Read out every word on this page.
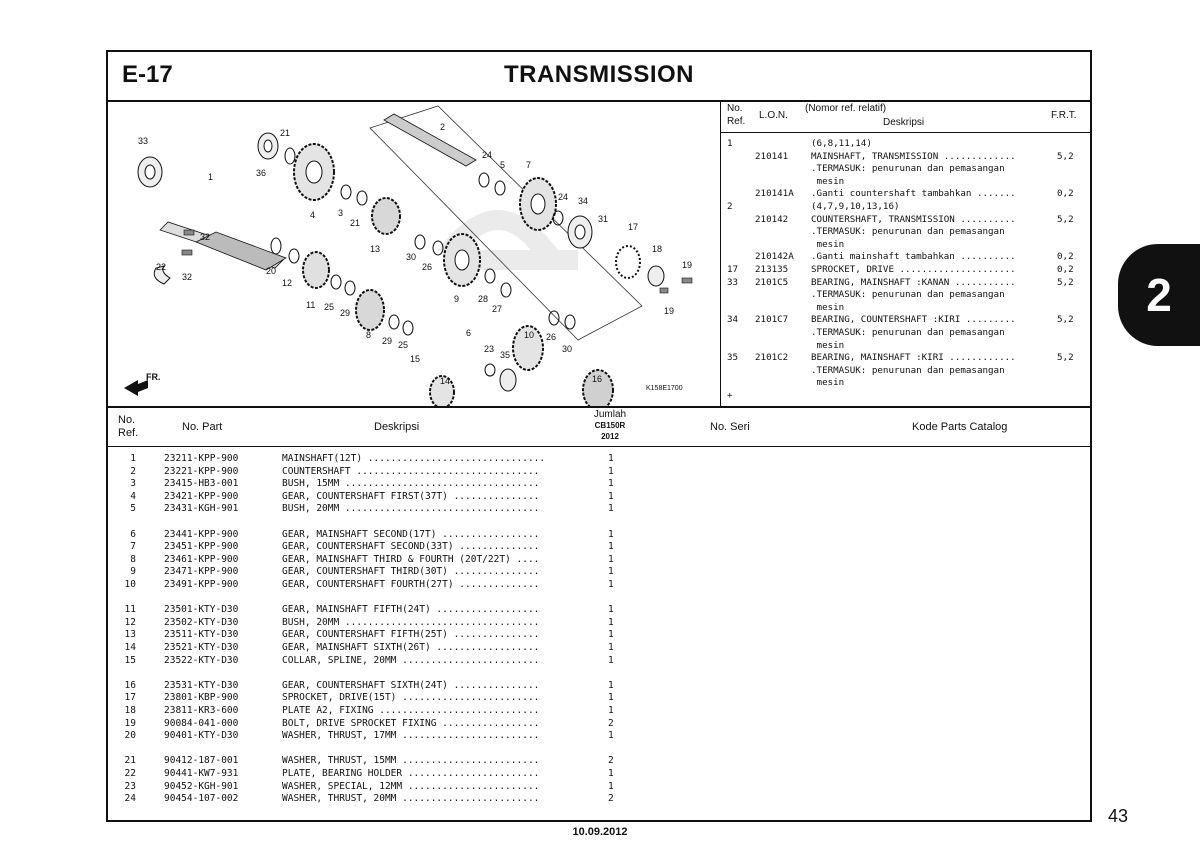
E-17	TRANSMISSION
33
21
36
1
4	3
2
24
5 7
24 34
31
17
21
32
22
32
20
12
13
30
26
18
19
11 25
29
9 28
27
10 26
19
8
29 25
6
15
23
35
14
30
16
FR.
K158E1700
No.
Ref.
L.O.N.
(Nomor ref. relatif)
Deskripsi
F.R.T.
1	(6,8,11,14)
210141 MAINSHAFT, TRANSMISSION .............	5,2
.TERMASUK: penurunan dan pemasangan
mesin
210141A .Ganti countershaft tambahkan .......	0,2
2	(4,7,9,10,13,16)
210142 COUNTERSHAFT, TRANSMISSION ..........	5,2
.TERMASUK: penurunan dan pemasangan
mesin
210142A .Ganti mainshaft tambahkan ..........	0,2
17 213135 SPROCKET, DRIVE .....................	0,2
33 2101C5 BEARING, MAINSHAFT :KANAN ...........	5,2
.TERMASUK: penurunan dan pemasangan
mesin
34 2101C7 BEARING, COUNTERSHAFT :KIRI .........	5,2
.TERMASUK: penurunan dan pemasangan
mesin
35 2101C2 BEARING, MAINSHAFT :KIRI ............	5,2
.TERMASUK: penurunan dan pemasangan
mesin
+
No.
Ref.	No. Part	Deskripsi
Jumlah
CB150R
2012
No. Seri	Kode Parts Catalog
1	23211-KPP-900	MAINSHAFT(12T) ...............................	1
2	23221-KPP-900	COUNTERSHAFT ................................	1
3	23415-HB3-001	BUSH, 15MM ..................................	1
4	23421-KPP-900	GEAR, COUNTERSHAFT FIRST(37T) ...............	1
5	23431-KGH-901	BUSH, 20MM ..................................	1
6	23441-KPP-900	GEAR, MAINSHAFT SECOND(17T) .................	1
7	23451-KPP-900	GEAR, COUNTERSHAFT SECOND(33T) ..............	1
8	23461-KPP-900	GEAR, MAINSHAFT THIRD & FOURTH (20T/22T) ....	1
9	23471-KPP-900	GEAR, COUNTERSHAFT THIRD(30T) ...............	1
10	23491-KPP-900	GEAR, COUNTERSHAFT FOURTH(27T) ..............	1
11	23501-KTY-D30	GEAR, MAINSHAFT FIFTH(24T) ..................	1
12	23502-KTY-D30	BUSH, 20MM ..................................	1
13	23511-KTY-D30	GEAR, COUNTERSHAFT FIFTH(25T) ...............	1
14	23521-KTY-D30	GEAR, MAINSHAFT SIXTH(26T) ..................	1
15	23522-KTY-D30	COLLAR, SPLINE, 20MM ........................	1
16	23531-KTY-D30	GEAR, COUNTERSHAFT SIXTH(24T) ...............	1
17	23801-KBP-900	SPROCKET, DRIVE(15T) ........................	1
18	23811-KR3-600	PLATE A2, FIXING ............................	1
19	90084-041-000	BOLT, DRIVE SPROCKET FIXING .................	2
20	90401-KTY-D30	WASHER, THRUST, 17MM ........................	1
21	90412-187-001	WASHER, THRUST, 15MM ........................	2
22	90441-KW7-931	PLATE, BEARING HOLDER .......................	1
23	90452-KGH-901	WASHER, SPECIAL, 12MM .......................	1
24	90454-107-002	WASHER, THRUST, 20MM ........................	2
2
43
10.09.2012
